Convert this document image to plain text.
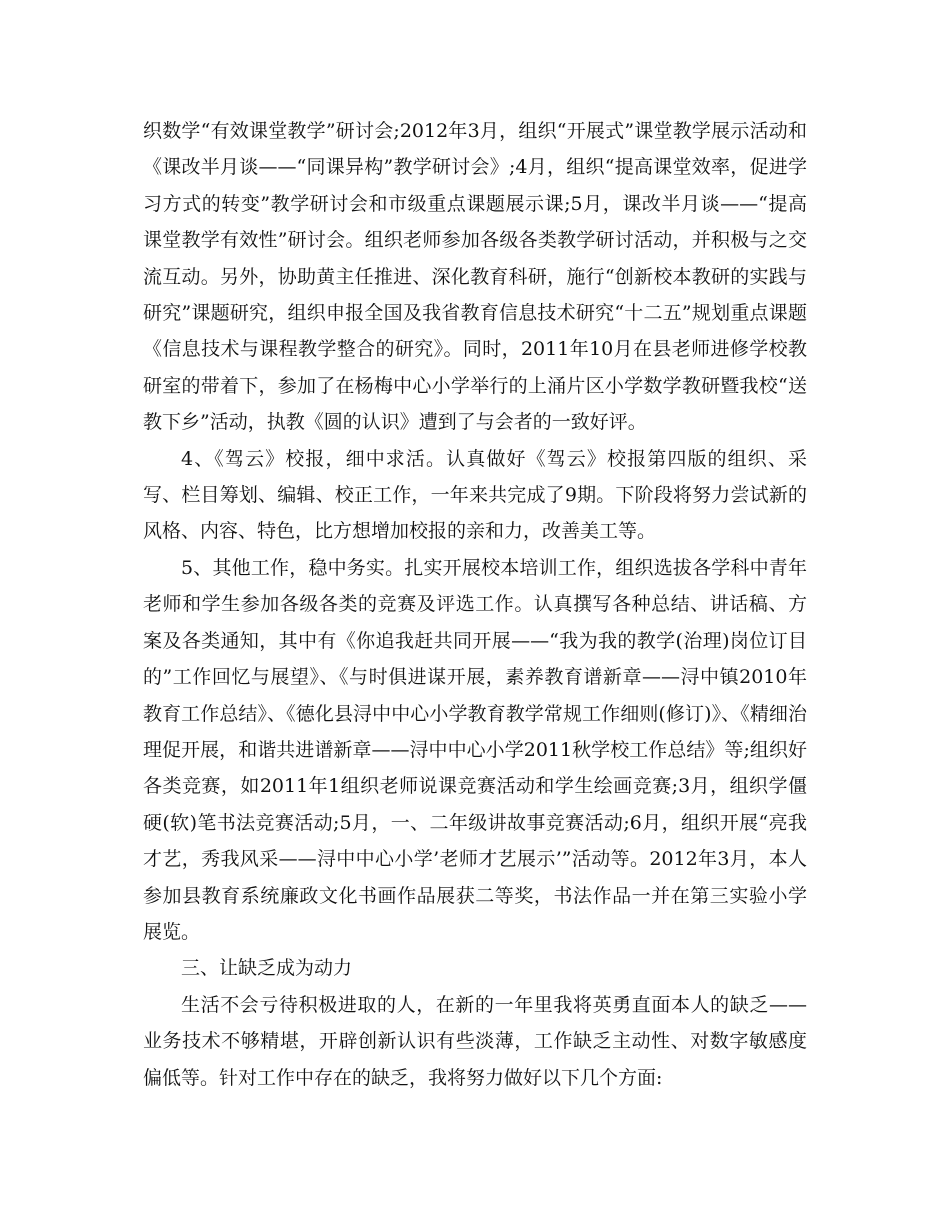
织数学“有效课堂教学”研讨会;2012年3月，组织“开展式”课堂教学展示活动和《课改半月谈——“同课异构”教学研讨会》;4月，组织“提高课堂效率，促进学习方式的转变”教学研讨会和市级重点课题展示课;5月，课改半月谈——“提高课堂教学有效性”研讨会。组织老师参加各级各类教学研讨活动，并积极与之交流互动。另外，协助黄主任推进、深化教育科研，施行“创新校本教研的实践与研究”课题研究，组织申报全国及我省教育信息技术研究“十二五”规划重点课题《信息技术与课程教学整合的研究》。同时，2011年10月在县老师进修学校教研室的带着下，参加了在杨梅中心小学举行的上涌片区小学数学教研暨我校“送教下乡”活动，执教《圆的认识》遭到了与会者的一致好评。

4、《驾云》校报，细中求活。认真做好《驾云》校报第四版的组织、采写、栏目筹划、编辑、校正工作，一年来共完成了9期。下阶段将努力尝试新的风格、内容、特色，比方想增加校报的亲和力，改善美工等。

5、其他工作，稳中务实。扎实开展校本培训工作，组织选拔各学科中青年老师和学生参加各级各类的竞赛及评选工作。认真撰写各种总结、讲话稿、方案及各类通知，其中有《你追我赶共同开展——“我为我的教学(治理)岗位订目的”工作回忆与展望》、《与时俱进谋开展，素养教育谱新章——浔中镇2010年教育工作总结》、《德化县浔中中心小学教育教学常规工作细则(修订)》、《精细治理促开展，和谐共进谱新章——浔中中心小学2011秋学校工作总结》等;组织好各类竞赛，如2011年1组织老师说课竞赛活动和学生绘画竞赛;3月，组织学僵硬(软)笔书法竞赛活动;5月，一、二年级讲故事竞赛活动;6月，组织开展“亮我才艺，秀我风采——浔中中心小学’老师才艺展示’”活动等。2012年3月，本人参加县教育系统廉政文化书画作品展获二等奖，书法作品一并在第三实验小学展览。

三、让缺乏成为动力

生活不会亏待积极进取的人，在新的一年里我将英勇直面本人的缺乏——业务技术不够精堪，开辟创新认识有些淡薄，工作缺乏主动性、对数字敏感度偏低等。针对工作中存在的缺乏，我将努力做好以下几个方面:
